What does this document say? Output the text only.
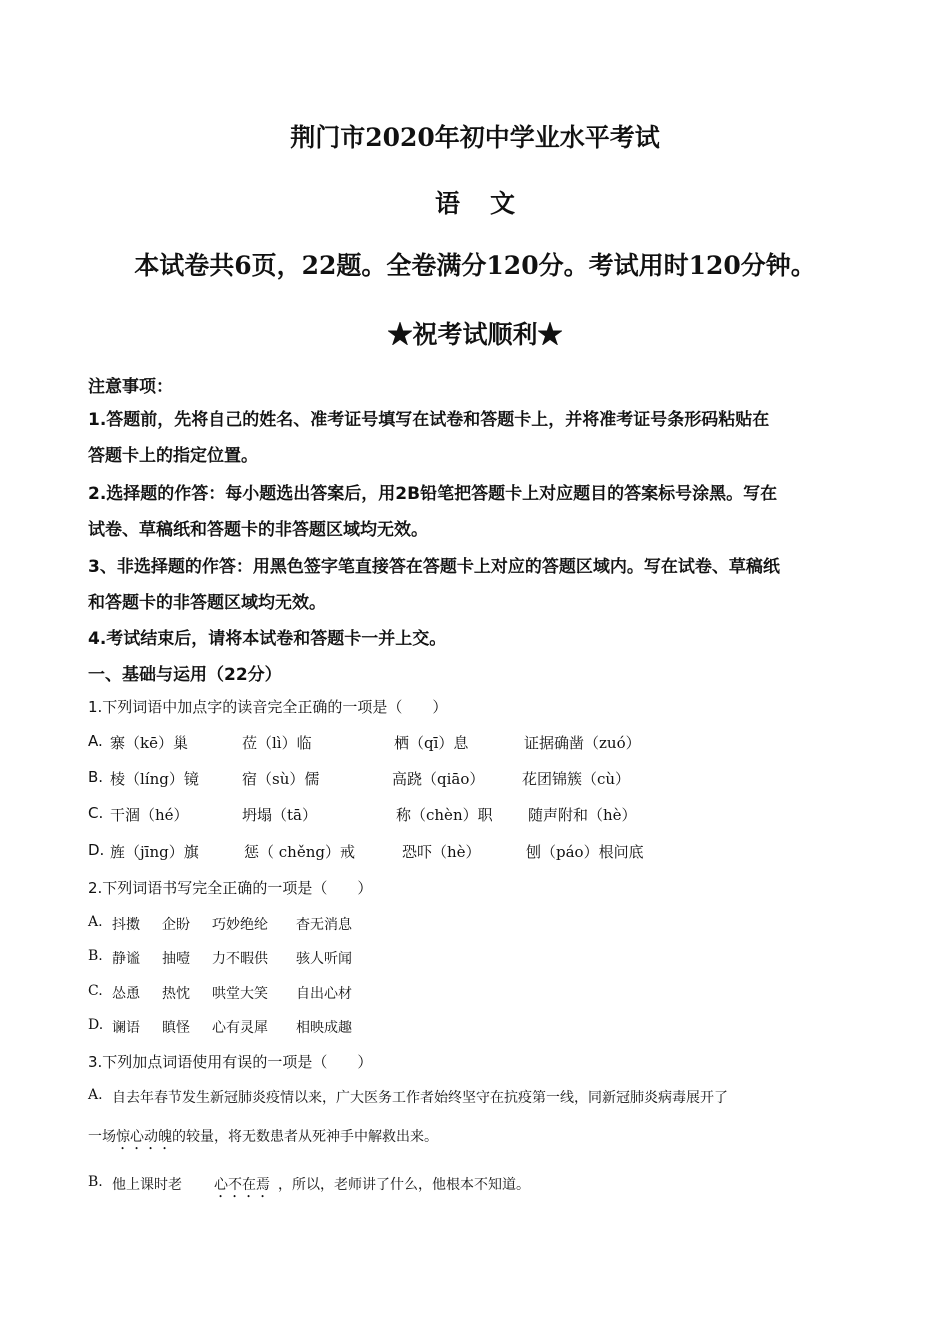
荆门市2020年初中学业水平考试
语文
本试卷共6页，22题。全卷满分120分。考试用时120分钟。
★祝考试顺利★
注意事项：
1.答题前，先将自己的姓名、准考证号填写在试卷和答题卡上，并将准考证号条形码粘贴在
答题卡上的指定位置。
2.选择题的作答：每小题选出答案后，用2B铅笔把答题卡上对应题目的答案标号涂黑。写在
试卷、草稿纸和答题卡的非答题区域均无效。
3、非选择题的作答：用黑色签字笔直接答在答题卡上对应的答题区域内。写在试卷、草稿纸
和答题卡的非答题区域均无效。
4.考试结束后，请将本试卷和答题卡一并上交。
一、基础与运用（22分）
1.下列词语中加点字的读音完全正确的一项是（　　）
A. 寨（kē）巢	莅（lì）临	栖（qī）息	证据确凿（zuó）
B. 棱（líng）镜	宿（sù）儒	高跷（qiāo）	花团锦簇（cù）
C. 干涸（hé）	坍塌（tā）	称（chèn）职 随声附和（hè）
D. 旌（jīng）旗	惩（ chěng）戒	恐吓（hè）	刨（páo）根问底
2.下列词语书写完全正确的一项是（　　）
A. 抖擞 企盼 巧妙绝纶 杳无消息
B. 静谧 抽噎 力不暇供 骇人听闻
C. 怂恿 热忱 哄堂大笑 自出心材
D. 谰语 瞋怪 心有灵犀 相映成趣
3.下列加点词语使用有误的一项是（　　）
A. 自去年春节发生新冠肺炎疫情以来，广大医务工作者始终坚守在抗疫第一线，同新冠肺炎病毒展开了
一场惊心动魄的较量，将无数患者从死神手中解救出来。
B. 他上课时老 心不在焉 ，所以，老师讲了什么，他根本不知道。
